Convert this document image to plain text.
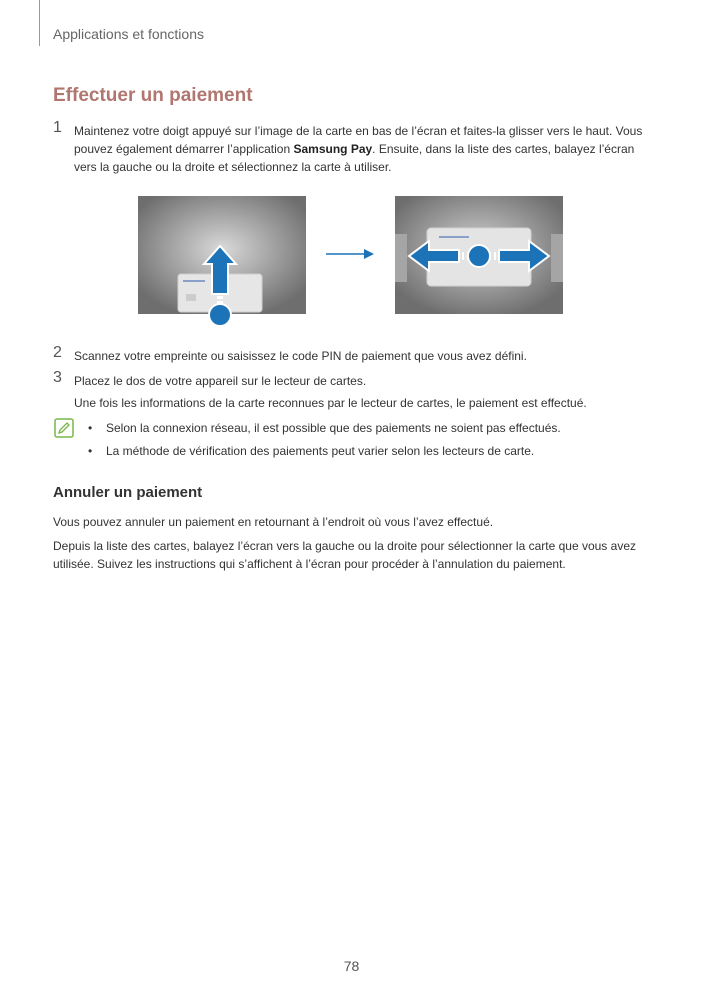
Applications et fonctions
Effectuer un paiement
1 Maintenez votre doigt appuyé sur l’image de la carte en bas de l’écran et faites-la glisser vers le haut. Vous pouvez également démarrer l’application Samsung Pay. Ensuite, dans la liste des cartes, balayez l’écran vers la gauche ou la droite et sélectionnez la carte à utiliser.
2 Scannez votre empreinte ou saisissez le code PIN de paiement que vous avez défini.
3 Placez le dos de votre appareil sur le lecteur de cartes.
Une fois les informations de la carte reconnues par le lecteur de cartes, le paiement est effectué.
• Selon la connexion réseau, il est possible que des paiements ne soient pas effectués.
• La méthode de vérification des paiements peut varier selon les lecteurs de carte.
Annuler un paiement
Vous pouvez annuler un paiement en retournant à l’endroit où vous l’avez effectué.
Depuis la liste des cartes, balayez l’écran vers la gauche ou la droite pour sélectionner la carte que vous avez utilisée. Suivez les instructions qui s’affichent à l’écran pour procéder à l’annulation du paiement.
78
